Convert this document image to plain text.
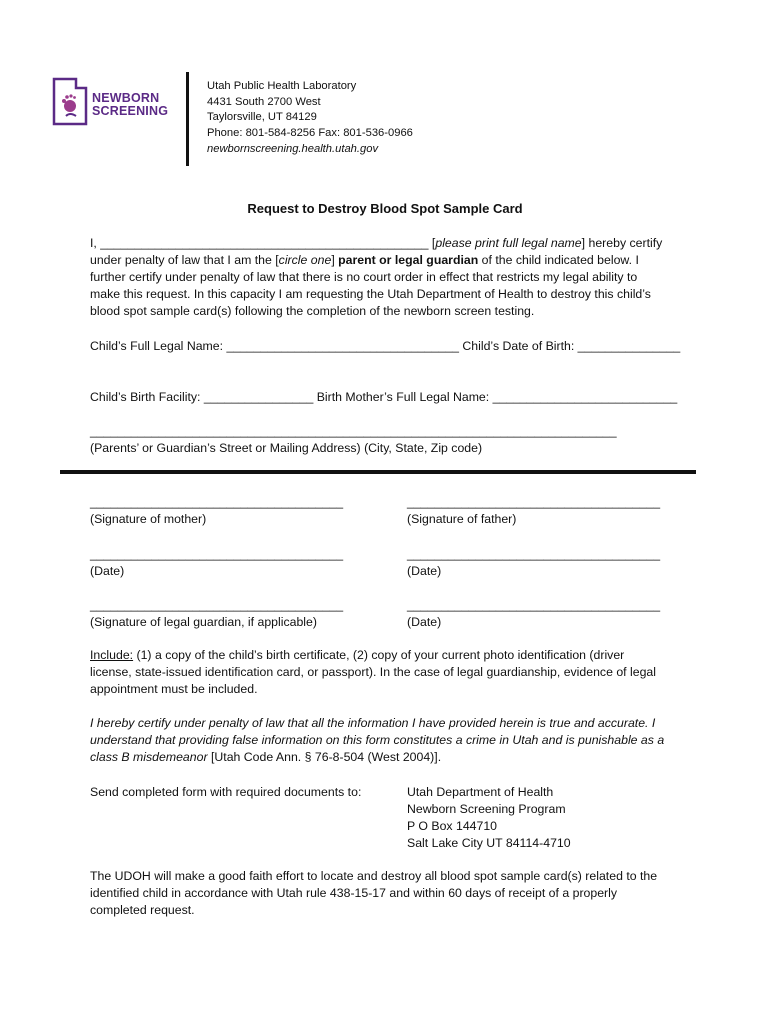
NEWBORN
SCREENING
Utah Public Health Laboratory
4431 South 2700 West
Taylorsville, UT 84129
Phone: 801-584-8256 Fax: 801-536-0966
newbornscreening.health.utah.gov
Request to Destroy Blood Spot Sample Card
I, ________________________________________________ [please print full legal name] hereby certify
under penalty of law that I am the [circle one] parent or legal guardian of the child indicated below. I
further certify under penalty of law that there is no court order in effect that restricts my legal ability to
make this request. In this capacity I am requesting the Utah Department of Health to destroy this child’s
blood spot sample card(s) following the completion of the newborn screen testing.
Child’s Full Legal Name: __________________________________ Child’s Date of Birth: _______________
Child’s Birth Facility: ________________ Birth Mother’s Full Legal Name: ___________________________
_____________________________________________________________________________
(Parents’ or Guardian’s Street or Mailing Address) (City, State, Zip code)
_____________________________________
(Signature of mother)
_____________________________________
(Signature of father)
_____________________________________
(Date)
_____________________________________
(Date)
_____________________________________
(Signature of legal guardian, if applicable)
_____________________________________
(Date)
Include: (1) a copy of the child’s birth certificate, (2) copy of your current photo identification (driver
license, state-issued identification card, or passport). In the case of legal guardianship, evidence of legal
appointment must be included.
I hereby certify under penalty of law that all the information I have provided herein is true and accurate. I
understand that providing false information on this form constitutes a crime in Utah and is punishable as a
class B misdemeanor [Utah Code Ann. § 76-8-504 (West 2004)].
Send completed form with required documents to:	Utah Department of Health
Newborn Screening Program
P O Box 144710
Salt Lake City UT 84114-4710
The UDOH will make a good faith effort to locate and destroy all blood spot sample card(s) related to the
identified child in accordance with Utah rule 438-15-17 and within 60 days of receipt of a properly
completed request.
